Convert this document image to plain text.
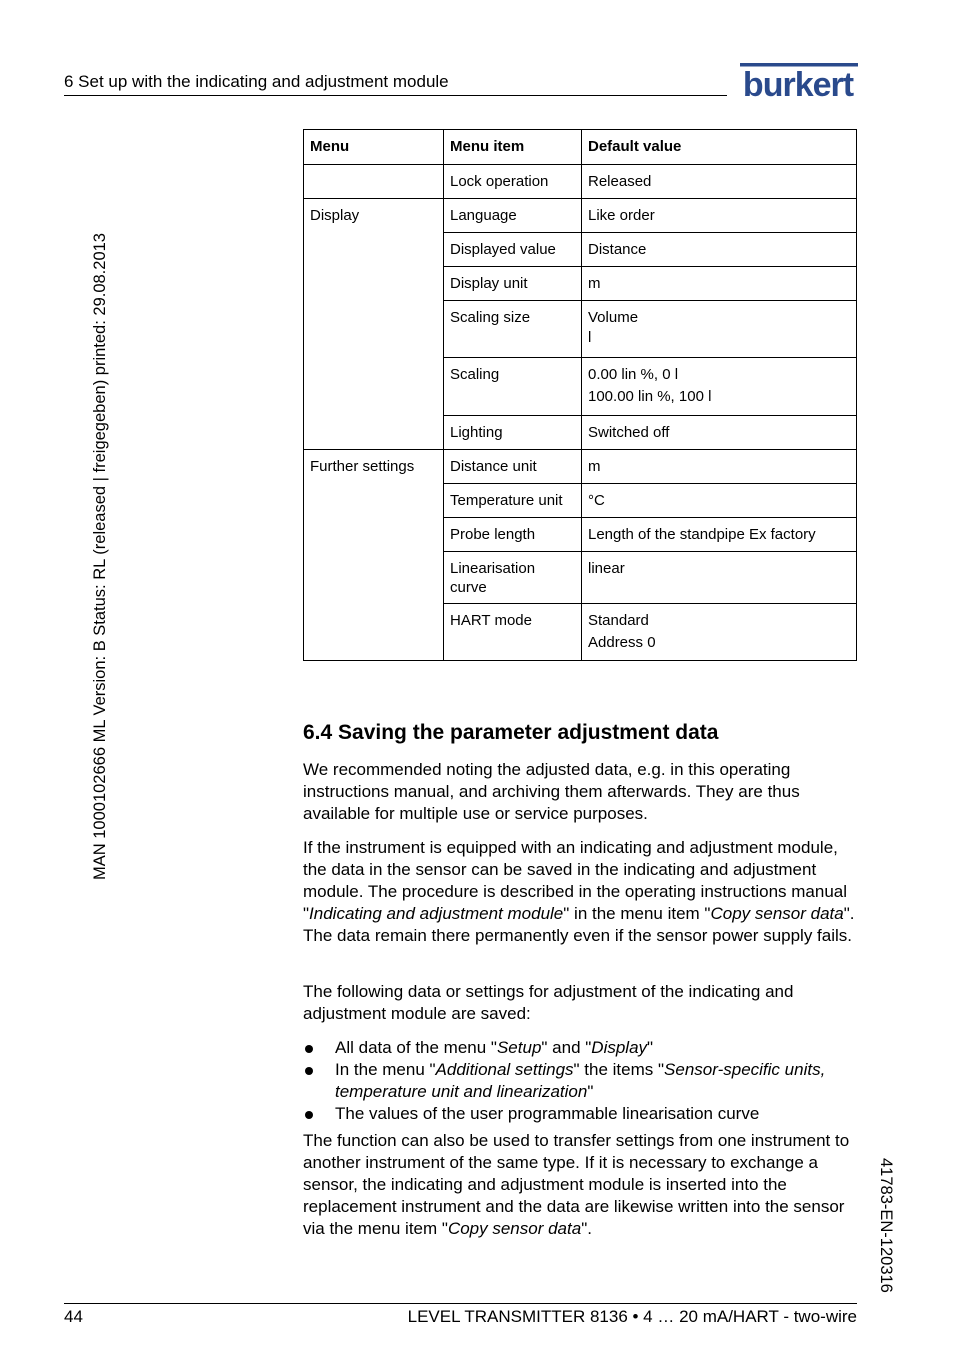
6 Set up with the indicating and adjustment module	burkert
MAN 1000102666 ML Version: B Status: RL (released | freigegeben) printed: 29.08.2013
41783-EN-120316
Menu	Menu item	Default value
	Lock operation	Released
Display	Language	Like order
	Displayed value	Distance
	Display unit	m
	Scaling size	Volume
l

	Scaling	0.00 lin %, 0 l
100.00 lin %, 100 l

	Lighting	Switched off
Further settings	Distance unit	m
	Temperature unit	°C
	Probe length	Length of the standpipe Ex factory
	Linearisation curve	linear
	HART mode	Standard
Address 0
6.4 Saving the parameter adjustment data
We recommended noting the adjusted data, e.g. in this operating instructions manual, and archiving them afterwards. They are thus available for multiple use or service purposes.
If the instrument is equipped with an indicating and adjustment module, the data in the sensor can be saved in the indicating and adjustment module. The procedure is described in the operating instructions manual "Indicating and adjustment module" in the menu item "Copy sensor data". The data remain there permanently even if the sensor power supply fails.
The following data or settings for adjustment of the indicating and adjustment module are saved:
All data of the menu "Setup" and "Display"
In the menu "Additional settings" the items "Sensor-specific units, temperature unit and linearization"
The values of the user programmable linearisation curve
The function can also be used to transfer settings from one instrument to another instrument of the same type. If it is necessary to exchange a sensor, the indicating and adjustment module is inserted into the replacement instrument and the data are likewise written into the sensor via the menu item "Copy sensor data".
44	LEVEL TRANSMITTER 8136 • 4 … 20 mA/HART - two-wire
